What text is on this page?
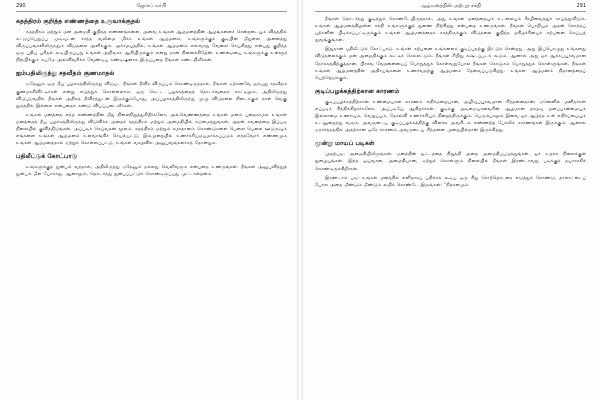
290	ஜோசப் மர்பி
கதத்திரம் குறித்த எண்ணத்தை உருவாக்குதல்

கதத்திரம் மற்றும் மன அமைதி குறித்த எண்ணங்களை, அவை உங்கள் ஆழ்மனத்தின் ஆழங்களைச் சென்றடையும் விதத்தில் கட்டுப்பெறுப்பு முடிவுடன் சாந்த வலிமை மிக்க உங்கள் ஆழ்மனம், உங்களுக்குக் குடியின் மீதுள்ள அனைத்து விருப்பங்களிலிருந்தும் விடுதலை அளிக்கும். அச்சமயத்தில், உங்கள் ஆழ்மனம் எவ்வாறு வேலை செய்கிறது என்பது குறித்த ஒரு புதிய புரிதல் கூடியிருப்பது உங்கள் அறிவாக ஆகியிருக்கும் என்று நான் நினைக்கிறேன். உண்மையை உங்களுக்கு உள்ளூர நிரூபிக்கும் சுயமே அவ்விவரிக்க வேண்டிய கண்டிஷனாக இருப்பதை நீங்கள் கண்டறிவீர்கள்.

ஐம்பதிலிருந்து சதவீதம் குணமாதல்

ஏதேனும் ஒரு தீய பழக்கத்திலிருந்து விடுபட நீங்கள் தீவிர விருப்பம் கொண்டிருந்தால், நீங்கள் ஏற்கனவே ஐம்பது சதவீதம் குணமாகிவிட்டீர்கள் என்று எடுத்துக் கொள்ளலாம். ஒரு கெட்ட பழக்கத்தைத் தொடர்வதைக் காட்டிலும், அதிலிருந்து விடுபடுவதில் நீங்கள் அதிகத் தீவிரத்துடன் இருக்கும்போது, அப்பழக்கத்திலிருந்து முழு விடுதலை கிடைக்கும் நாள் வெகு தூரத்தில் இல்லை என்பதைக் கண்டு வியப்படைவீர்கள்.

உங்கள் மனத்தை எந்த எண்ணத்தின் மீது நிலைநிறுத்துகிறீர்களோ, அவ்வெண்ணத்தை உங்கள் மனம் புதைகாமல் உங்கள் மனத்தைத் தீய பழக்கத்திலிருந்து விடுவிக்க அதைக் கதந்திரம் மற்றும் அமைதியில் கடுமைத்துங்கள். அதன் கவனத்தை இப்படி நிலையில் குவித்திடுங்கள். அப்படிச் செய்வதன் மூலம், கதந்திரம் மற்றும் சமாதானம் கொண்டுகளை பெலை பெலை ஊடுருவும் எங்களை உங்கள் ஆழ்மனம் உள்வாங்கிச் செயல்பட்டு, இம்முறையில் உணர்ச்சியமயமாக்கப்படும் எந்தவோர் எண்ணமும் உங்கள் ஆழ்மனத்தால் ஏற்றுக் கொள்ளப்பட்டு, உங்கள் வாழ்வில் அனுபவங்களாகத் தோன்றும்.

பதிலீட்டுக் கோட்பாடு

உங்களுக்குத் துன்பம் வந்தால், அதிலிருந்து ஏதேனும் நல்லது வெளிவரும் என்பதை உணருங்கள். நீங்கள் அனுபவித்துத் துன்பம் மீள போகாது. ஆனாலும், தொடர்ந்து துன்பப்பட்டுக் கொண்டிருப்பது முட்டாள்தனம்.

ஆழ்மனத்தின் அற்புத சக்தி	291

நீங்கள் தொடர்ந்து குடித்துக் கொண்டேயிருந்தால், அது உங்கள் மனத்தையும் உடலையும் சீரழிவைத்துச் சாய்த்துவிடும். உங்கள் ஆழ்மனத்திலுள்ள சக்தி உங்களுக்குத் துணை நிற்கிறது என்பதை உணருங்கள். நீங்கள் பொறியும் அதன் சொந்தப் பற்களின் பிடிக்கப்பட்டிருக்கும் உங்கள் ஆழ்மனத்தைக் காத்திருக்கும் விடுதலை குறித்த மகிழ்ச்சியைக் கற்பனை செய்யத் துவங்குங்கள்.

இதுதான் பதிலீட்டுக் கோட்பாடு. உங்கள் கற்பனை உங்களைக் குடிப்பதற்கு இட்டுச் சென்றது. அது இப்பொழுது உங்களது விடுதலைக்கும் மன அமைதிக்கும் கூட்டிச் செல்லட்டும். நீங்கள் சிறிது கஷ்டப்படக் கூடும். ஆனால் அது ஓர் ஆக்கப்பூர்வமான நோக்கத்திற்குத்தான். பிரசவ வேதனையைப் பொறுத்துக் கொள்வதுபோல நீங்கள் கொஞ்சம் பொறுத்துக் கொள்ளுங்கள். நீங்கள் உங்கள் ஆழ்மனத்தின் அதிசயங்களை உணர்வதற்கு ஆழ்மனம் தேவைப்படுகிறது. உங்கள் ஆழ்மனம் நிதானத்தைப் பெற்றெடுக்கும்.

குடிப்பழக்கத்திற்கான காரணம்

குடிப்பழக்கத்திற்கான உண்மையான காரணம் எதிர்மறையான, அழிவுப்பூர்வமான சிந்தனைதான்; ஏனெனில் மனிதர்கள் எப்படிச் சிந்திக்கிறார்களோ, அப்படியே ஆகிறார்கள். குடிக்கு அடிமையானவரின் ஆழமான தாழ்வு மனப்பான்மையும் இல்லாமை உணர்வும், வெறுப்பும், தோல்வி உணர்ச்சியும் நிறைந்திருக்கும். பெரும்பாலும் இவை ஓர் ஆழ்ந்த உள் எதிர்ப்பையும் உடனுறைந்து வரும். அவருடைய குடிப்பழக்கத்திற்கு விளக்க அவரிடம் எண்ணற்ற போலிக் காரணங்கள் இருக்கும். ஆனால் ஏதார்த்தத்தில் அதற்கான ஒரே காரணம் அவருடைய சிந்தனை முறையில்தான் இருக்கிறது.

மூன்று மாயப் படிகள்

முதற்படி: அமைதியிலிருங்கள். மனத்தின் ஓட்டத்தை நிறுத்தி அதை அமைதிப்படுத்துங்கள். ஓர் உறக்க நிலைக்குள் நுழையுங்கள். இந்த ஓய்வான, அமைதியான, ஏற்றுக் கொள்ளும் நிலையில் நீங்கள் இரண்டாவது படிக்குத் தயாராகிக் கொண்டிருக்கிறீர்கள்.

இரண்டாம் படி: உங்கள் மனத்தில் எளிதாகப் பதிக்கக் கூடிய ஒரு சிறு சொற்றொடரை எடுத்துக் கொண்டு, தாலாட்டைப் போல அதை மீண்டும் மீண்டும் கூறிக் கொண்டே இருங்கள்: "நிதானமும்
